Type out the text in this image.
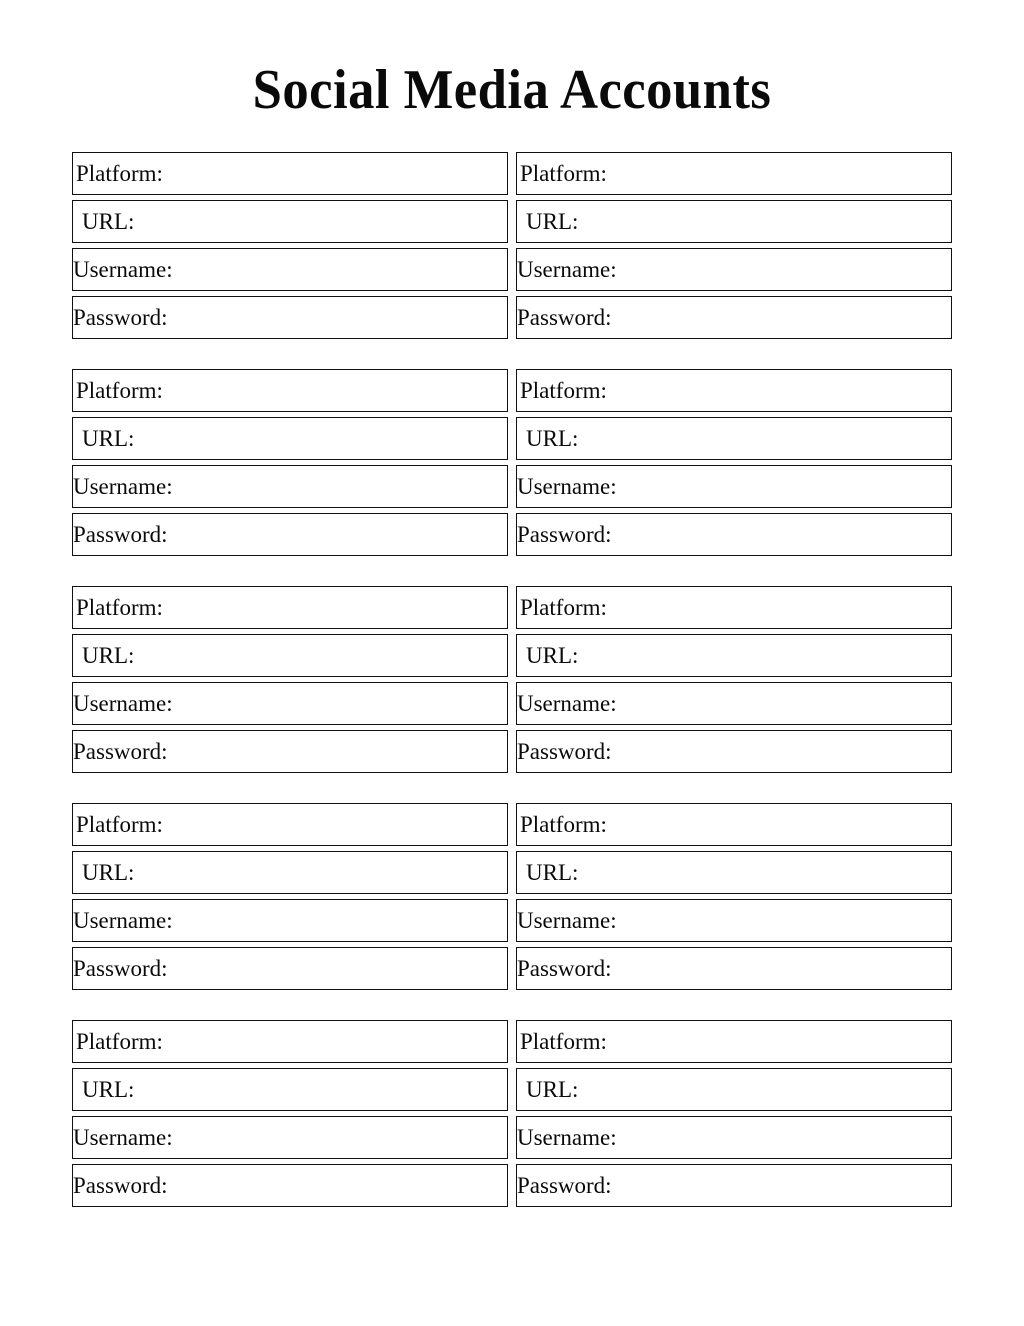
Social Media Accounts
Platform:
URL:
Username:
Password:
Platform:
URL:
Username:
Password:
Platform:
URL:
Username:
Password:
Platform:
URL:
Username:
Password:
Platform:
URL:
Username:
Password:
Platform:
URL:
Username:
Password:
Platform:
URL:
Username:
Password:
Platform:
URL:
Username:
Password:
Platform:
URL:
Username:
Password:
Platform:
URL:
Username:
Password:
